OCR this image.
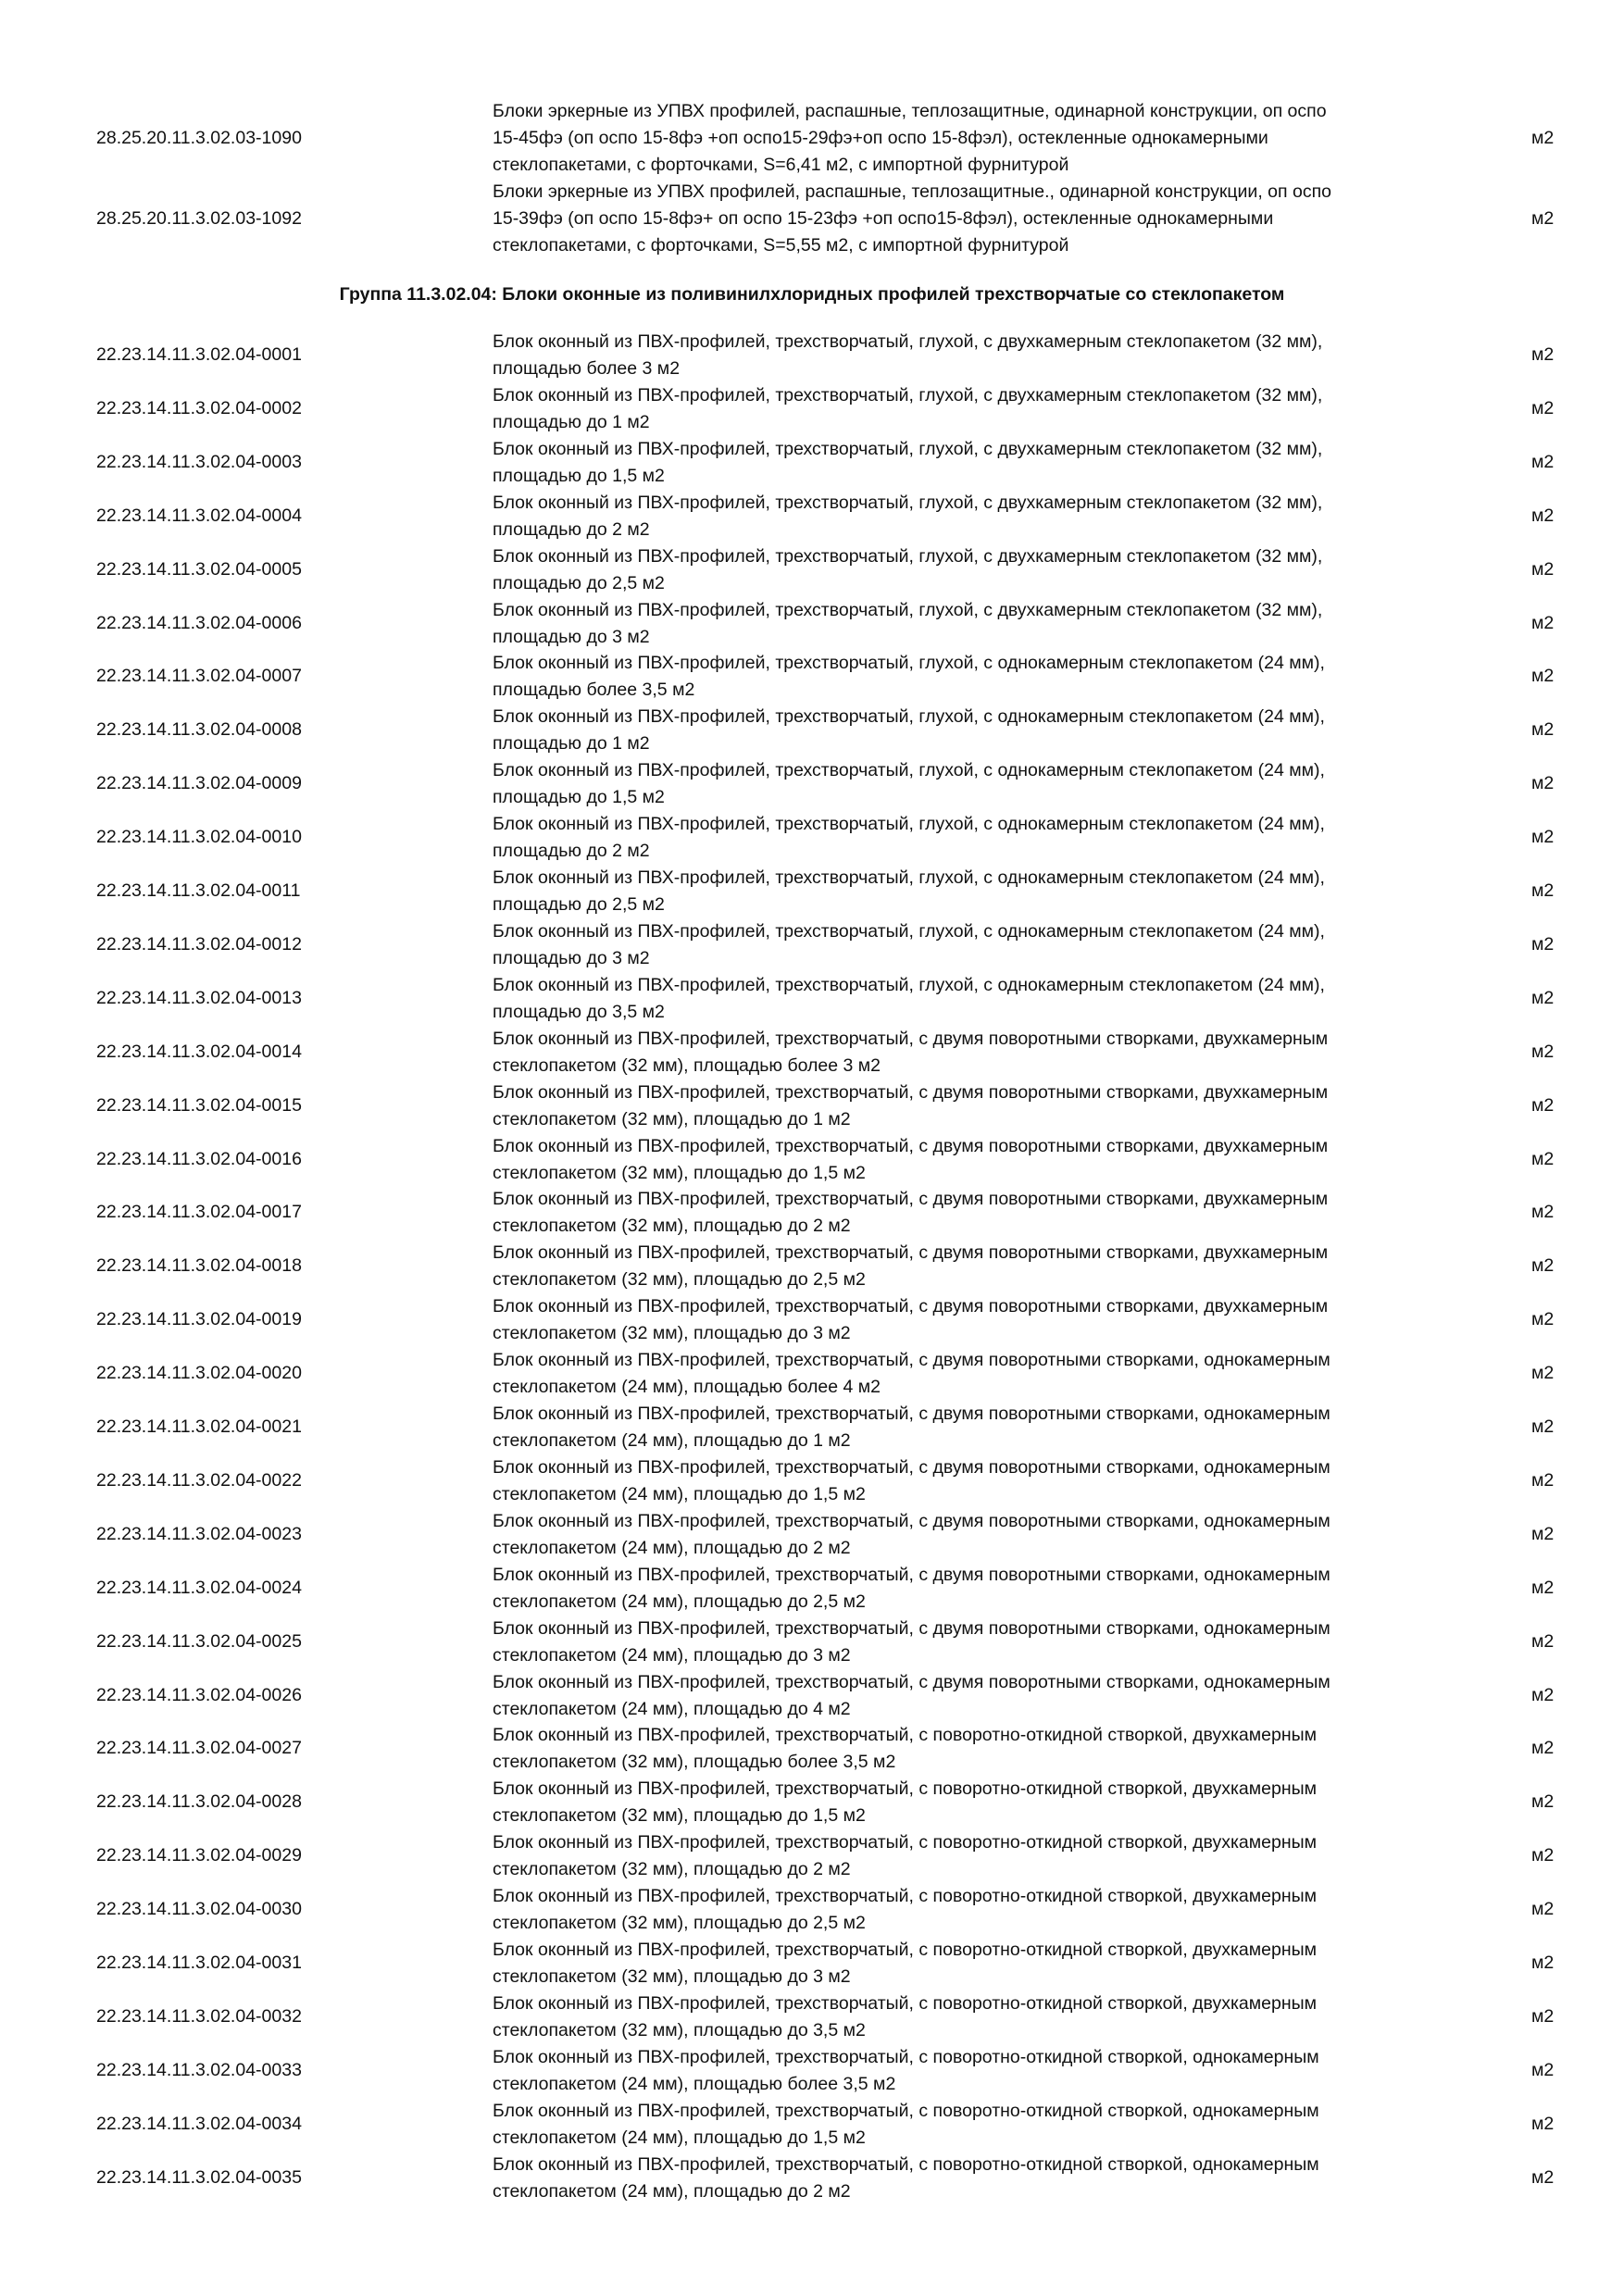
28.25.20.11.3.02.03-1090
Блоки эркерные из УПВХ профилей, распашные, теплозащитные, одинарной конструкции, оп оспо
15-45фэ (оп оспо 15-8фэ +оп оспо15-29фэ+оп оспо 15-8фэл), остекленные однокамерными
стеклопакетами, с форточками, S=6,41 м2, с импортной фурнитурой
м2
28.25.20.11.3.02.03-1092
Блоки эркерные из УПВХ профилей, распашные, теплозащитные., одинарной конструкции, оп оспо
15-39фэ (оп оспо 15-8фэ+ оп оспо 15-23фэ +оп оспо15-8фэл), остекленные однокамерными
стеклопакетами, с форточками, S=5,55 м2, с импортной фурнитурой
м2
Группа 11.3.02.04: Блоки оконные из поливинилхлоридных профилей трехстворчатые со стеклопакетом
22.23.14.11.3.02.04-0001
Блок оконный из ПВХ-профилей, трехстворчатый, глухой, с двухкамерным стеклопакетом (32 мм),
площадью более 3 м2
м2
22.23.14.11.3.02.04-0002
Блок оконный из ПВХ-профилей, трехстворчатый, глухой, с двухкамерным стеклопакетом (32 мм),
площадью до 1 м2
м2
22.23.14.11.3.02.04-0003
Блок оконный из ПВХ-профилей, трехстворчатый, глухой, с двухкамерным стеклопакетом (32 мм),
площадью до 1,5 м2
м2
22.23.14.11.3.02.04-0004
Блок оконный из ПВХ-профилей, трехстворчатый, глухой, с двухкамерным стеклопакетом (32 мм),
площадью до 2 м2
м2
22.23.14.11.3.02.04-0005
Блок оконный из ПВХ-профилей, трехстворчатый, глухой, с двухкамерным стеклопакетом (32 мм),
площадью до 2,5 м2
м2
22.23.14.11.3.02.04-0006
Блок оконный из ПВХ-профилей, трехстворчатый, глухой, с двухкамерным стеклопакетом (32 мм),
площадью до 3 м2
м2
22.23.14.11.3.02.04-0007
Блок оконный из ПВХ-профилей, трехстворчатый, глухой, с однокамерным стеклопакетом (24 мм),
площадью более 3,5 м2
м2
22.23.14.11.3.02.04-0008
Блок оконный из ПВХ-профилей, трехстворчатый, глухой, с однокамерным стеклопакетом (24 мм),
площадью до 1 м2
м2
22.23.14.11.3.02.04-0009
Блок оконный из ПВХ-профилей, трехстворчатый, глухой, с однокамерным стеклопакетом (24 мм),
площадью до 1,5 м2
м2
22.23.14.11.3.02.04-0010
Блок оконный из ПВХ-профилей, трехстворчатый, глухой, с однокамерным стеклопакетом (24 мм),
площадью до 2 м2
м2
22.23.14.11.3.02.04-0011
Блок оконный из ПВХ-профилей, трехстворчатый, глухой, с однокамерным стеклопакетом (24 мм),
площадью до 2,5 м2
м2
22.23.14.11.3.02.04-0012
Блок оконный из ПВХ-профилей, трехстворчатый, глухой, с однокамерным стеклопакетом (24 мм),
площадью до 3 м2
м2
22.23.14.11.3.02.04-0013
Блок оконный из ПВХ-профилей, трехстворчатый, глухой, с однокамерным стеклопакетом (24 мм),
площадью до 3,5 м2
м2
22.23.14.11.3.02.04-0014
Блок оконный из ПВХ-профилей, трехстворчатый, с двумя поворотными створками, двухкамерным
стеклопакетом (32 мм), площадью более 3 м2
м2
22.23.14.11.3.02.04-0015
Блок оконный из ПВХ-профилей, трехстворчатый, с двумя поворотными створками, двухкамерным
стеклопакетом (32 мм), площадью до 1 м2
м2
22.23.14.11.3.02.04-0016
Блок оконный из ПВХ-профилей, трехстворчатый, с двумя поворотными створками, двухкамерным
стеклопакетом (32 мм), площадью до 1,5 м2
м2
22.23.14.11.3.02.04-0017
Блок оконный из ПВХ-профилей, трехстворчатый, с двумя поворотными створками, двухкамерным
стеклопакетом (32 мм), площадью до 2 м2
м2
22.23.14.11.3.02.04-0018
Блок оконный из ПВХ-профилей, трехстворчатый, с двумя поворотными створками, двухкамерным
стеклопакетом (32 мм), площадью до 2,5 м2
м2
22.23.14.11.3.02.04-0019
Блок оконный из ПВХ-профилей, трехстворчатый, с двумя поворотными створками, двухкамерным
стеклопакетом (32 мм), площадью до 3 м2
м2
22.23.14.11.3.02.04-0020
Блок оконный из ПВХ-профилей, трехстворчатый, с двумя поворотными створками, однокамерным
стеклопакетом (24 мм), площадью более 4 м2
м2
22.23.14.11.3.02.04-0021
Блок оконный из ПВХ-профилей, трехстворчатый, с двумя поворотными створками, однокамерным
стеклопакетом (24 мм), площадью до 1 м2
м2
22.23.14.11.3.02.04-0022
Блок оконный из ПВХ-профилей, трехстворчатый, с двумя поворотными створками, однокамерным
стеклопакетом (24 мм), площадью до 1,5 м2
м2
22.23.14.11.3.02.04-0023
Блок оконный из ПВХ-профилей, трехстворчатый, с двумя поворотными створками, однокамерным
стеклопакетом (24 мм), площадью до 2 м2
м2
22.23.14.11.3.02.04-0024
Блок оконный из ПВХ-профилей, трехстворчатый, с двумя поворотными створками, однокамерным
стеклопакетом (24 мм), площадью до 2,5 м2
м2
22.23.14.11.3.02.04-0025
Блок оконный из ПВХ-профилей, трехстворчатый, с двумя поворотными створками, однокамерным
стеклопакетом (24 мм), площадью до 3 м2
м2
22.23.14.11.3.02.04-0026
Блок оконный из ПВХ-профилей, трехстворчатый, с двумя поворотными створками, однокамерным
стеклопакетом (24 мм), площадью до 4 м2
м2
22.23.14.11.3.02.04-0027
Блок оконный из ПВХ-профилей, трехстворчатый, с поворотно-откидной створкой, двухкамерным
стеклопакетом (32 мм), площадью более 3,5 м2
м2
22.23.14.11.3.02.04-0028
Блок оконный из ПВХ-профилей, трехстворчатый, с поворотно-откидной створкой, двухкамерным
стеклопакетом (32 мм), площадью до 1,5 м2
м2
22.23.14.11.3.02.04-0029
Блок оконный из ПВХ-профилей, трехстворчатый, с поворотно-откидной створкой, двухкамерным
стеклопакетом (32 мм), площадью до 2 м2
м2
22.23.14.11.3.02.04-0030
Блок оконный из ПВХ-профилей, трехстворчатый, с поворотно-откидной створкой, двухкамерным
стеклопакетом (32 мм), площадью до 2,5 м2
м2
22.23.14.11.3.02.04-0031
Блок оконный из ПВХ-профилей, трехстворчатый, с поворотно-откидной створкой, двухкамерным
стеклопакетом (32 мм), площадью до 3 м2
м2
22.23.14.11.3.02.04-0032
Блок оконный из ПВХ-профилей, трехстворчатый, с поворотно-откидной створкой, двухкамерным
стеклопакетом (32 мм), площадью до 3,5 м2
м2
22.23.14.11.3.02.04-0033
Блок оконный из ПВХ-профилей, трехстворчатый, с поворотно-откидной створкой, однокамерным
стеклопакетом (24 мм), площадью более 3,5 м2
м2
22.23.14.11.3.02.04-0034
Блок оконный из ПВХ-профилей, трехстворчатый, с поворотно-откидной створкой, однокамерным
стеклопакетом (24 мм), площадью до 1,5 м2
м2
22.23.14.11.3.02.04-0035
Блок оконный из ПВХ-профилей, трехстворчатый, с поворотно-откидной створкой, однокамерным
стеклопакетом (24 мм), площадью до 2 м2
м2
